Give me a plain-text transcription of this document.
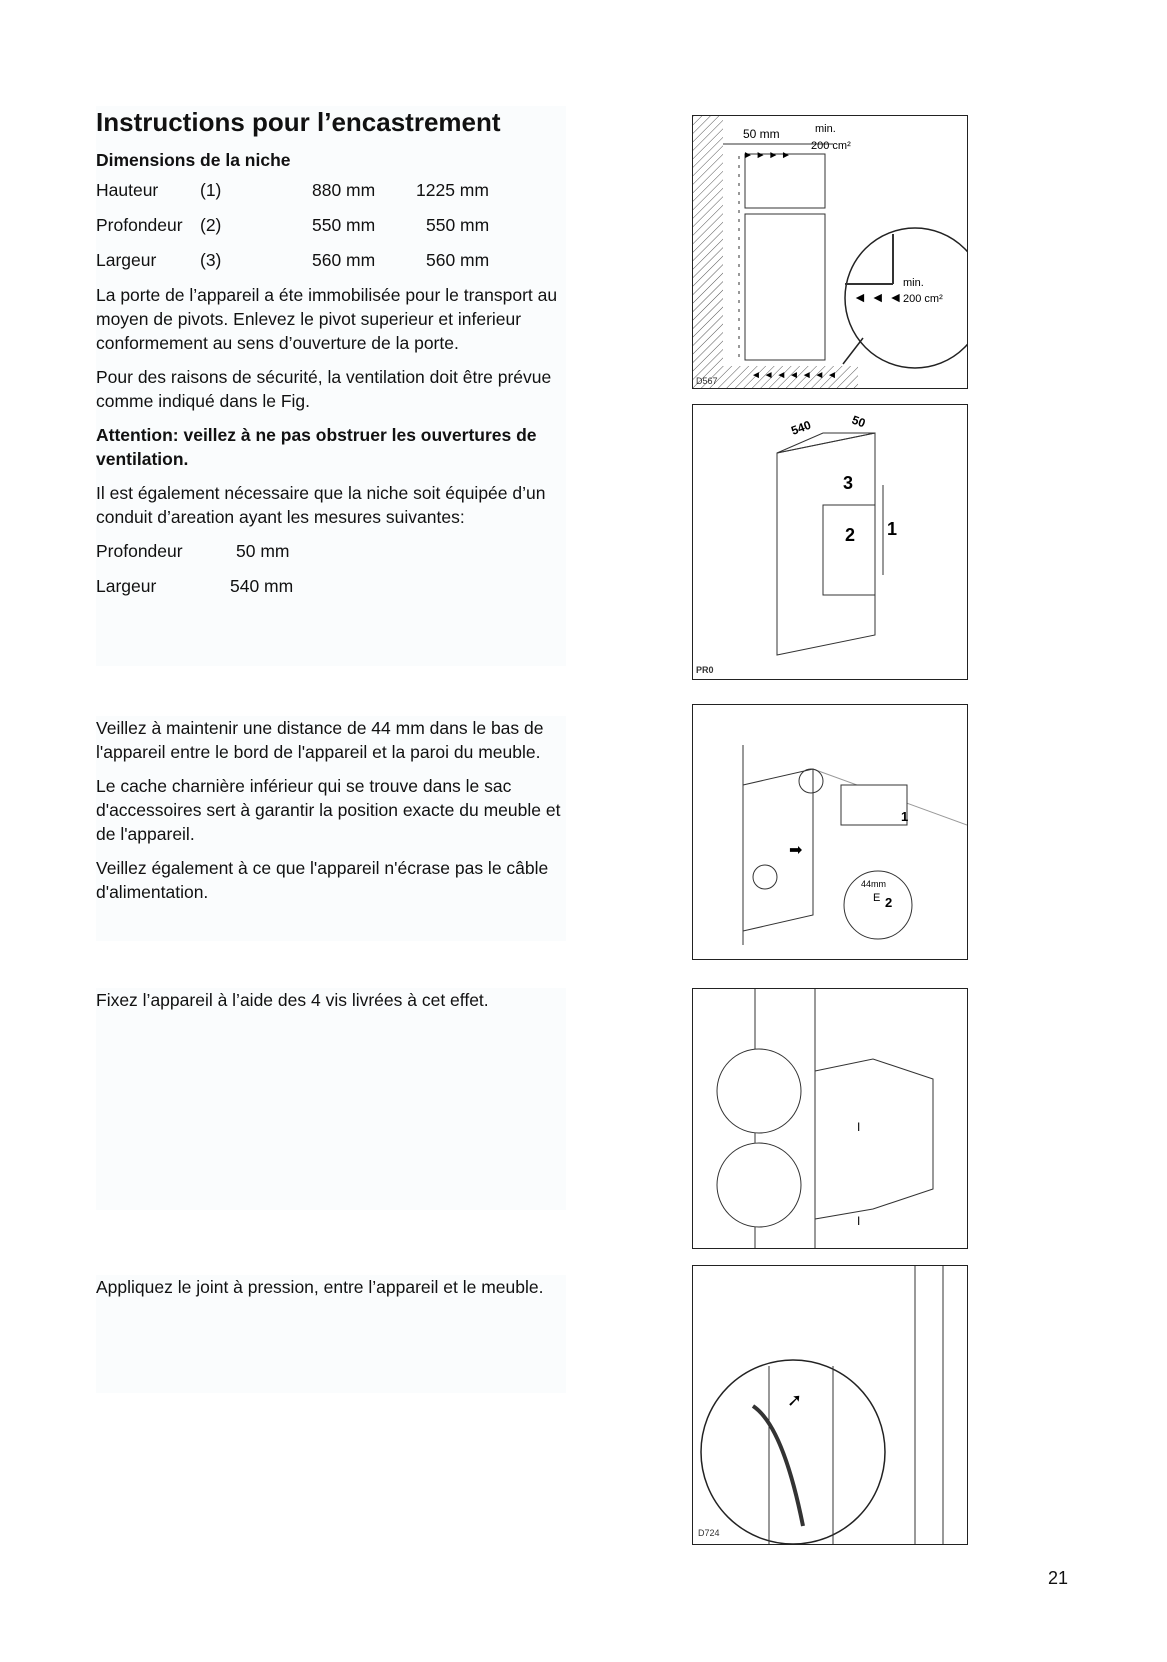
Instructions pour l’encastrement
Dimensions de la niche
Hauteur (1)	880 mm 1225 mm
Profondeur (2)	550 mm	550 mm
Largeur (3)	560 mm	560 mm

La porte de l’appareil a éte immobilisée pour le transport au moyen de pivots. Enlevez le pivot superieur et inferieur conformement au sens d’ouverture de la porte.

Pour des raisons de sécurité, la ventilation doit être prévue comme indiqué dans le Fig.

Attention: veillez à ne pas obstruer les ouvertures de ventilation.

Il est également nécessaire que la niche soit équipée d’un conduit d’areation ayant les mesures suivantes:

Profondeur	50 mm
Largeur	540 mm

Veillez à maintenir une distance de 44 mm dans le bas de l'appareil entre le bord de l'appareil et la paroi du meuble.

Le cache charnière inférieur qui se trouve dans le sac d'accessoires sert à garantir la position exacte du meuble et de l'appareil.

Veillez également à ce que l'appareil n'écrase pas le câble d'alimentation.

Fixez l’appareil à l’aide des 4 vis livrées à cet effet.

Appliquez le joint à pression, entre l’appareil et le meuble.

50 mm	min.
200 cm²
► ► ► ►
◄ ◄ ◄ ◄ ◄ ◄ ◄
min.
200 cm²
◄ ◄ ◄
D567
540	50
3
2 1
PR0
1
2
44mm
E
➡
I
I
➚
D724
21
